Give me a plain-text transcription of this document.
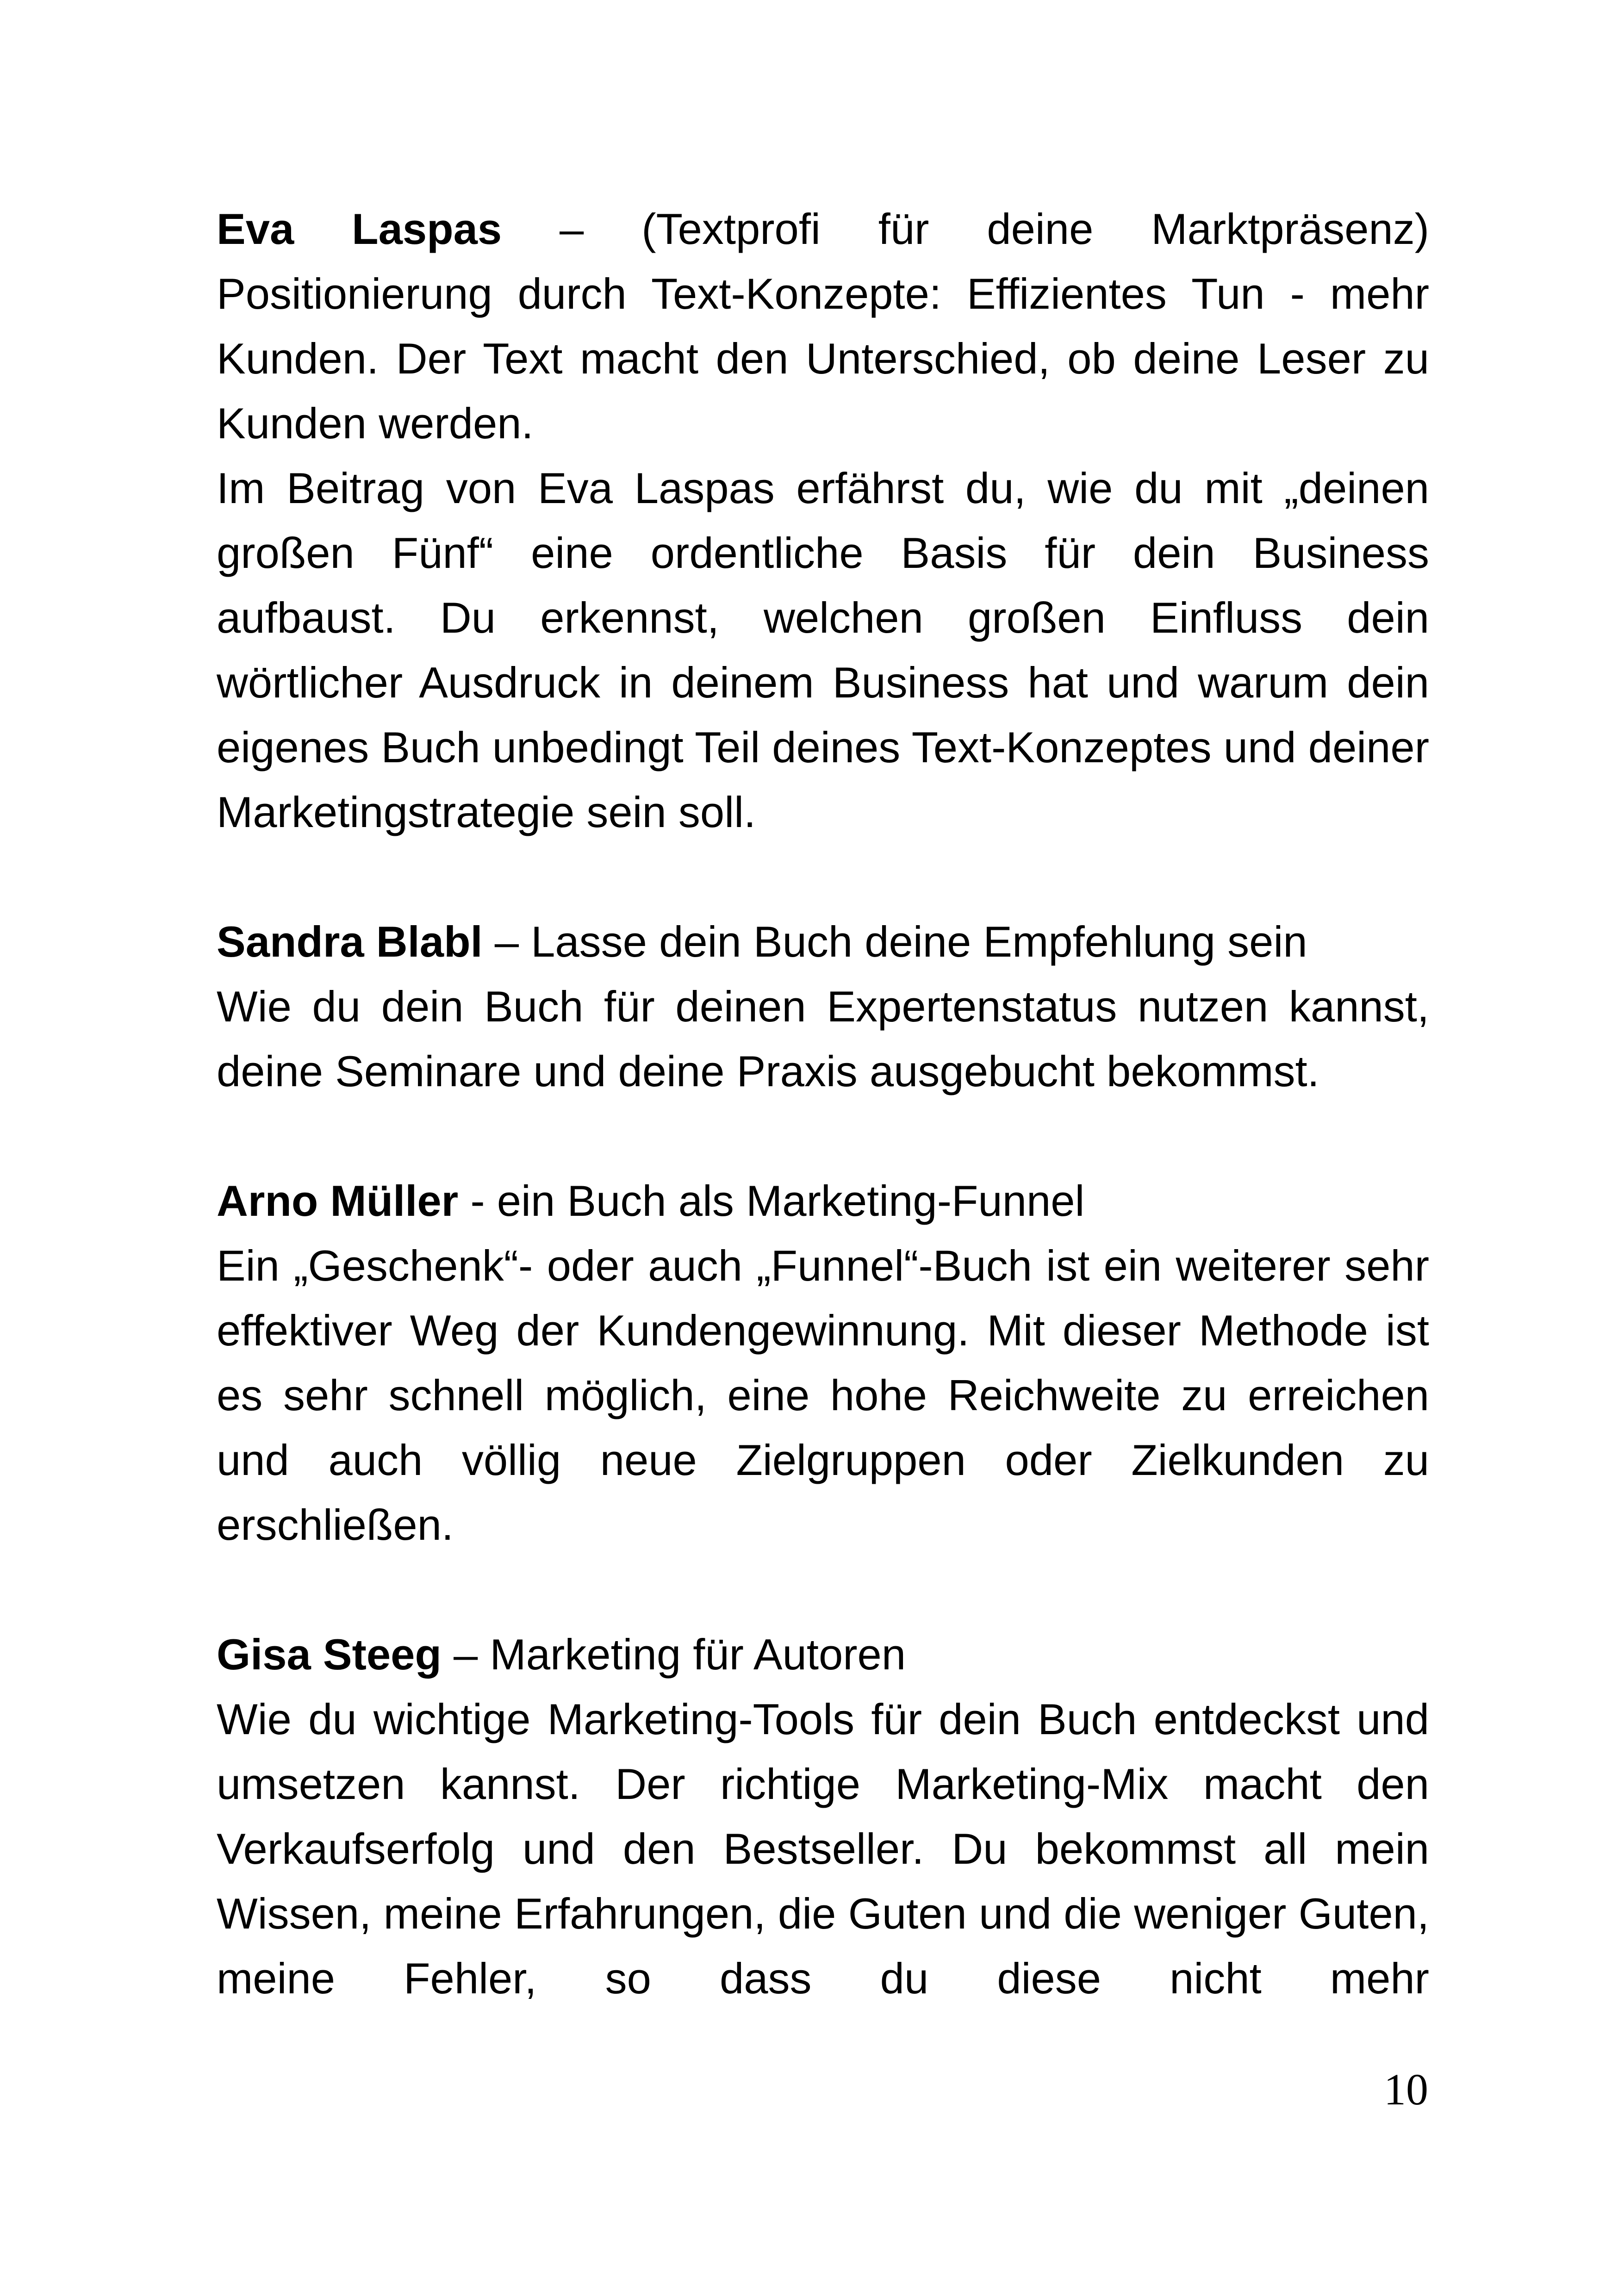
Eva Laspas – (Textprofi für deine Marktpräsenz) Positionierung durch Text-Konzepte: Effizientes Tun - mehr Kunden. Der Text macht den Unterschied, ob deine Leser zu Kunden werden.

Im Beitrag von Eva Laspas erfährst du, wie du mit „deinen großen Fünf“ eine ordentliche Basis für dein Business aufbaust. Du erkennst, welchen großen Einfluss dein wörtlicher Ausdruck in deinem Business hat und warum dein eigenes Buch unbedingt Teil deines Text-Konzeptes und deiner Marketingstrategie sein soll.

Sandra Blabl – Lasse dein Buch deine Empfehlung sein

Wie du dein Buch für deinen Expertenstatus nutzen kannst, deine Seminare und deine Praxis ausgebucht bekommst.

Arno Müller - ein Buch als Marketing-Funnel

Ein „Geschenk“- oder auch „Funnel“-Buch ist ein weiterer sehr effektiver Weg der Kundengewinnung. Mit dieser Methode ist es sehr schnell möglich, eine hohe Reichweite zu erreichen und auch völlig neue Zielgruppen oder Zielkunden zu erschließen.

Gisa Steeg – Marketing für Autoren

Wie du wichtige Marketing-Tools für dein Buch entdeckst und umsetzen kannst. Der richtige Marketing-Mix macht den Verkaufserfolg und den Bestseller. Du bekommst all mein Wissen, meine Erfahrungen, die Guten und die weniger Guten, meine Fehler, so dass du diese nicht mehr

10
